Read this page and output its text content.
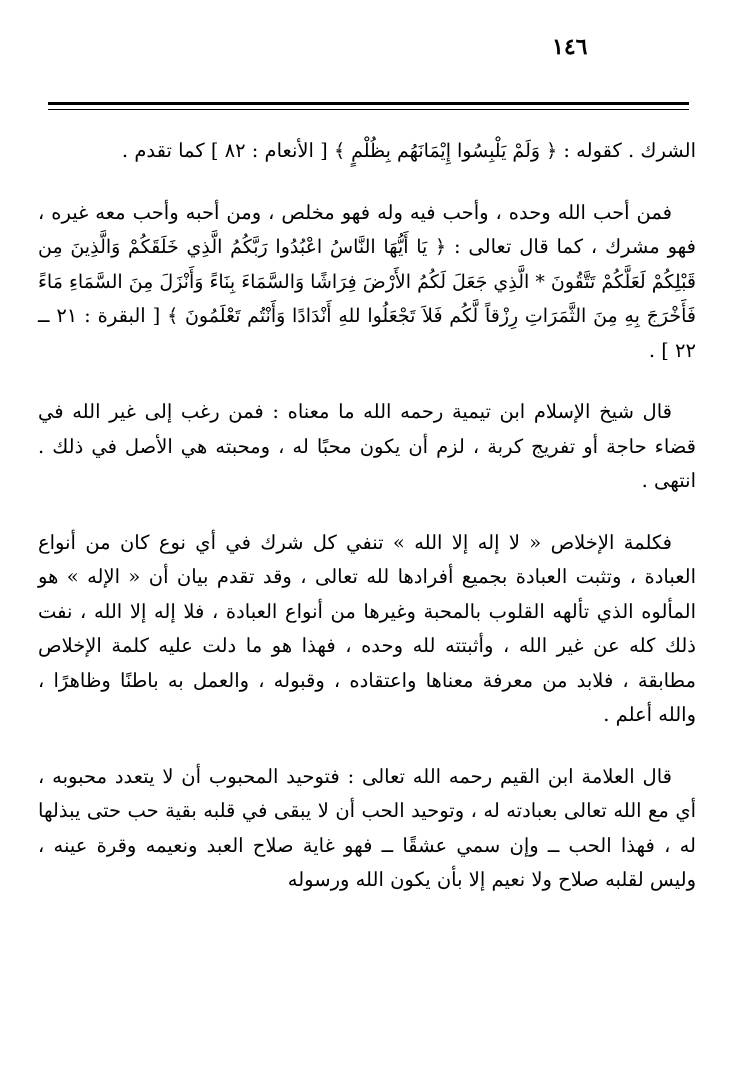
١٤٦

الشرك . كقوله : ﴿ وَلَمْ يَلْبِسُوا إِيْمَانَهُم بِظُلْمٍ ﴾ [ الأنعام : ٨٢ ] كما تقدم .

فمن أحب الله وحده ، وأحب فيه وله فهو مخلص ، ومن أحبه وأحب معه غيره ، فهو مشرك ، كما قال تعالى : ﴿ يَا أَيُّهَا النَّاسُ اعْبُدُوا رَبَّكُمُ الَّذِي خَلَقَكُمْ وَالَّذِينَ مِن قَبْلِكُمْ لَعَلَّكُمْ تَتَّقُونَ * الَّذِي جَعَلَ لَكُمُ الأَرْضَ فِرَاشًا وَالسَّمَاءَ بِنَاءً وَأَنْزَلَ مِنَ السَّمَاءِ مَاءً فَأَخْرَجَ بِهِ مِنَ الثَّمَرَاتِ رِزْقاً لَّكُم فَلاَ تَجْعَلُوا للهِ أَنْدَادًا وَأَنْتُم تَعْلَمُونَ ﴾ [ البقرة : ٢١ ــ ٢٢ ] .

قال شيخ الإسلام ابن تيمية رحمه الله ما معناه : فمن رغب إلى غير الله في قضاء حاجة أو تفريج كربة ، لزم أن يكون محبًا له ، ومحبته هي الأصل في ذلك . انتهى .

فكلمة الإخلاص « لا إله إلا الله » تنفي كل شرك في أي نوع كان من أنواع العبادة ، وتثبت العبادة بجميع أفرادها لله تعالى ، وقد تقدم بيان أن « الإله » هو المألوه الذي تألهه القلوب بالمحبة وغيرها من أنواع العبادة ، فلا إله إلا الله ، نفت ذلك كله عن غير الله ، وأثبتته لله وحده ، فهذا هو ما دلت عليه كلمة الإخلاص مطابقة ، فلابد من معرفة معناها واعتقاده ، وقبوله ، والعمل به باطنًا وظاهرًا ، والله أعلم .

قال العلامة ابن القيم رحمه الله تعالى : فتوحيد المحبوب أن لا يتعدد محبوبه ، أي مع الله تعالى بعبادته له ، وتوحيد الحب أن لا يبقى في قلبه بقية حب حتى يبذلها له ، فهذا الحب ــ وإن سمي عشقًا ــ فهو غاية صلاح العبد ونعيمه وقرة عينه ، وليس لقلبه صلاح ولا نعيم إلا بأن يكون الله ورسوله
